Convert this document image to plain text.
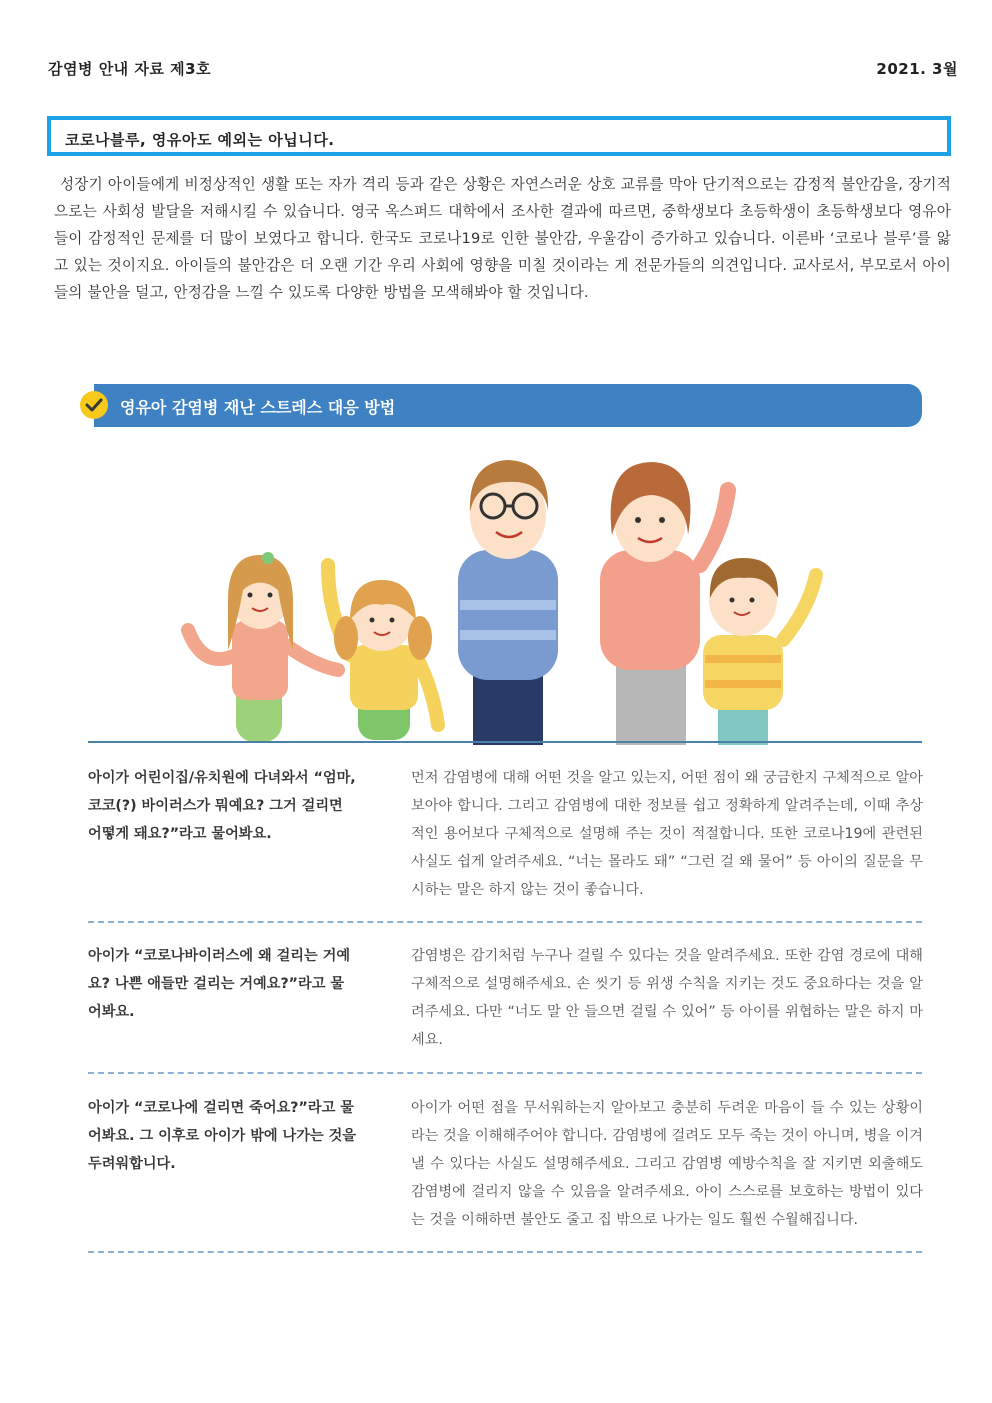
감염병 안내 자료 제3호	2021. 3월
코로나블루, 영유아도 예외는 아닙니다.

성장기 아이들에게 비정상적인 생활 또는 자가 격리 등과 같은 상황은 자연스러운 상호 교류를 막아 단기적으로는 감정적 불안감을, 장기적으로는 사회성 발달을 저해시킬 수 있습니다. 영국 옥스퍼드 대학에서 조사한 결과에 따르면, 중학생보다 초등학생이 초등학생보다 영유아들이 감정적인 문제를 더 많이 보였다고 합니다. 한국도 코로나19로 인한 불안감, 우울감이 증가하고 있습니다. 이른바 ‘코로나 블루’를 앓고 있는 것이지요. 아이들의 불안감은 더 오랜 기간 우리 사회에 영향을 미칠 것이라는 게 전문가들의 의견입니다. 교사로서, 부모로서 아이들의 불안을 덜고, 안정감을 느낄 수 있도록 다양한 방법을 모색해봐야 할 것입니다.

영유아 감염병 재난 스트레스 대응 방법
아이가 어린이집/유치원에 다녀와서 “엄마, 코코(?) 바이러스가 뭐예요? 그거 걸리면 어떻게 돼요?”라고 물어봐요.
먼저 감염병에 대해 어떤 것을 알고 있는지, 어떤 점이 왜 궁금한지 구체적으로 알아보아야 합니다. 그리고 감염병에 대한 정보를 쉽고 정확하게 알려주는데, 이때 추상적인 용어보다 구체적으로 설명해 주는 것이 적절합니다. 또한 코로나19에 관련된 사실도 쉽게 알려주세요. “너는 몰라도 돼” “그런 걸 왜 물어” 등 아이의 질문을 무시하는 말은 하지 않는 것이 좋습니다.
아이가 “코로나바이러스에 왜 걸리는 거예요? 나쁜 애들만 걸리는 거예요?”라고 물어봐요.
감염병은 감기처럼 누구나 걸릴 수 있다는 것을 알려주세요. 또한 감염 경로에 대해 구체적으로 설명해주세요. 손 씻기 등 위생 수칙을 지키는 것도 중요하다는 것을 알려주세요. 다만 “너도 말 안 들으면 걸릴 수 있어” 등 아이를 위협하는 말은 하지 마세요.
아이가 “코로나에 걸리면 죽어요?”라고 물어봐요. 그 이후로 아이가 밖에 나가는 것을 두려워합니다.
아이가 어떤 점을 무서워하는지 알아보고 충분히 두려운 마음이 들 수 있는 상황이라는 것을 이해해주어야 합니다. 감염병에 걸려도 모두 죽는 것이 아니며, 병을 이겨낼 수 있다는 사실도 설명해주세요. 그리고 감염병 예방수칙을 잘 지키면 외출해도 감염병에 걸리지 않을 수 있음을 알려주세요. 아이 스스로를 보호하는 방법이 있다는 것을 이해하면 불안도 줄고 집 밖으로 나가는 일도 훨씬 수월해집니다.
